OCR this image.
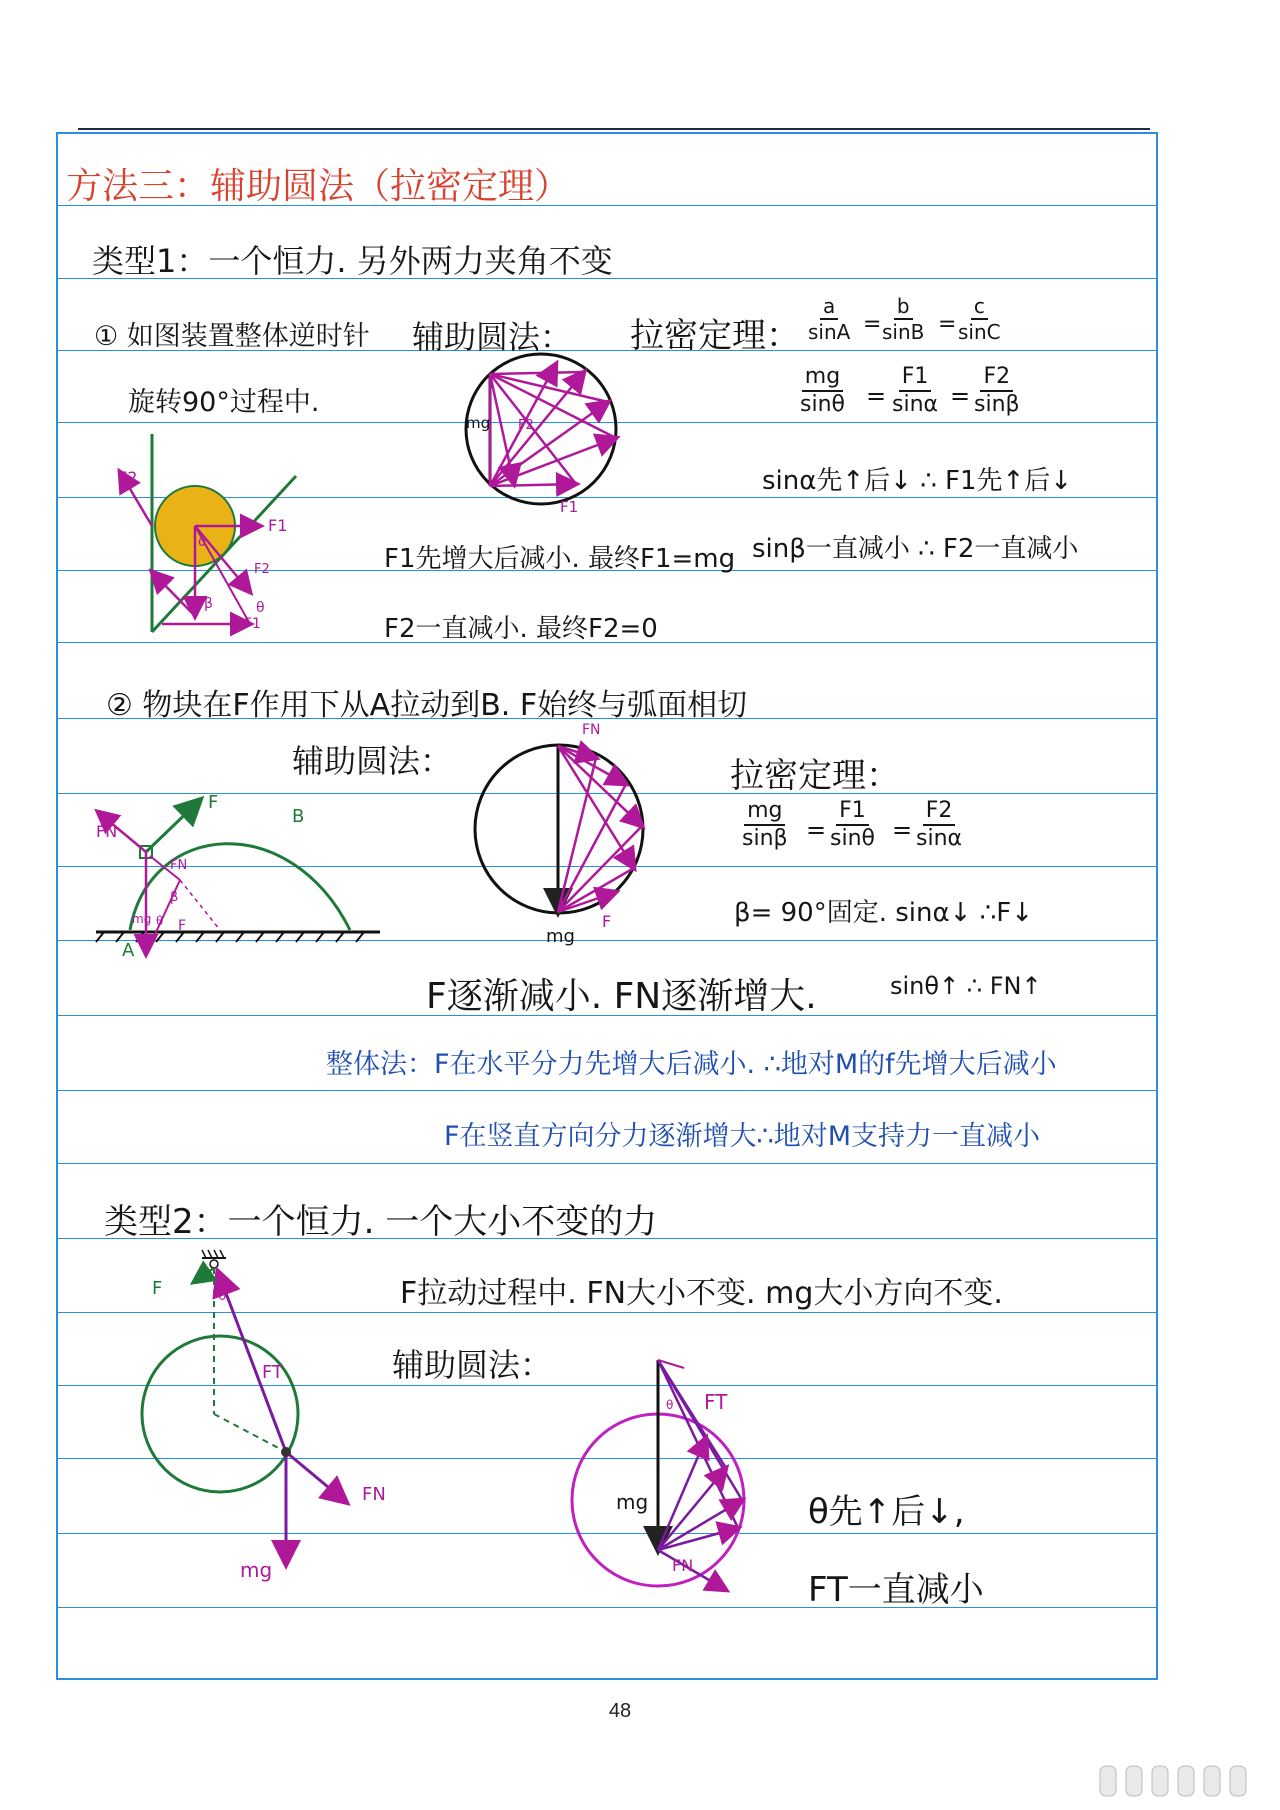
方法三：辅助圆法（拉密定理）
类型1：一个恒力. 另外两力夹角不变
① 如图装置整体逆时针
旋转90°过程中.
辅助圆法： 拉密定理： $\frac{a}{\sin A} = \frac{b}{\sin B} = \frac{c}{\sin C}$
$\frac{mg}{\sin\theta} = \frac{F1}{\sin\alpha} = \frac{F2}{\sin\beta}$
sinα先↑后↓ ∴ F1先↑后↓
sinβ一直减小 ∴ F2一直减小
F1先增大后减小. 最终F1=mg
F2一直减小. 最终F2=0
F2
F1
F1
F2
α
β	θ
mg F2
F1
② 物块在F作用下从A拉动到B. F始终与弧面相切
辅助圆法：	拉密定理：
$\frac{mg}{\sin\beta} = \frac{F1}{\sin\theta} = \frac{F2}{\sin\alpha}$
β= 90°固定. sinα↓ ∴F↓
FN
FN
F
B
A
mg
β
θ F
FN
mg
F
F逐渐减小. FN逐渐增大.	sinθ↑ ∴ FN↑
整体法：F在水平分力先增大后减小. ∴地对M的f先增大后减小
F在竖直方向分力逐渐增大∴地对M支持力一直减小
类型2：一个恒力. 一个大小不变的力
F拉动过程中. FN大小不变. mg大小方向不变.
辅助圆法：
F	θ
FT
FN
mg
FT
θ
mg
FN
θ先↑后↓,
FT一直减小
48
